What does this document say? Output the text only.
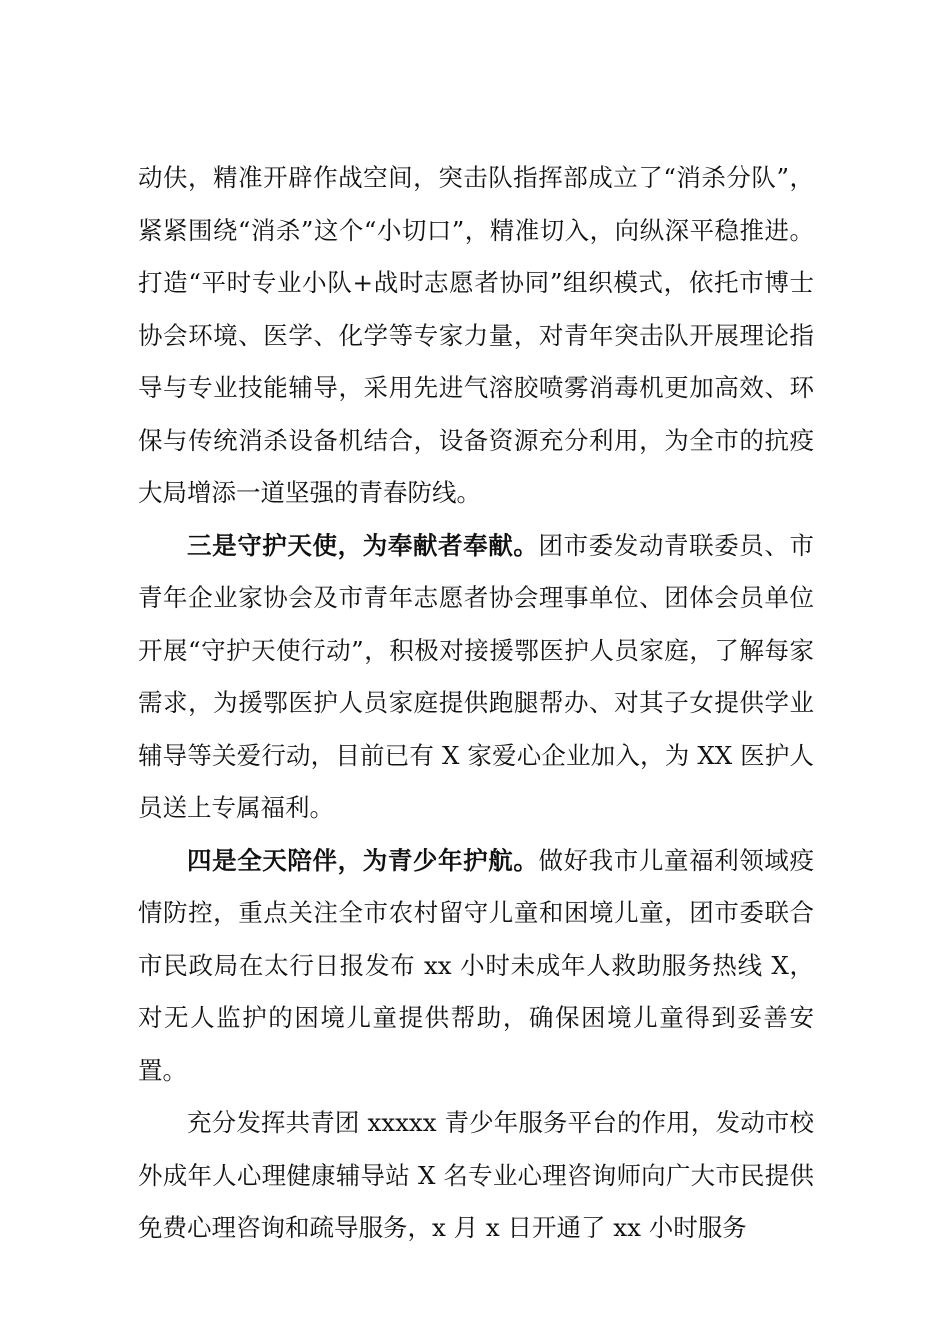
动伕，精准开辟作战空间，突击队指挥部成立了“消杀分队”，紧紧围绕“消杀”这个“小切口”，精准切入，向纵深平稳推进。打造“平时专业小队+战时志愿者协同”组织模式，依托市博士协会环境、医学、化学等专家力量，对青年突击队开展理论指导与专业技能辅导，采用先进气溶胶喷雾消毒机更加高效、环保与传统消杀设备机结合，设备资源充分利用，为全市的抗疫大局增添一道坚强的青春防线。

三是守护天使，为奉献者奉献。团市委发动青联委员、市青年企业家协会及市青年志愿者协会理事单位、团体会员单位开展“守护天使行动”，积极对接援鄂医护人员家庭，了解每家需求，为援鄂医护人员家庭提供跑腿帮办、对其子女提供学业辅导等关爱行动，目前已有 X 家爱心企业加入，为 XX 医护人员送上专属福利。

四是全天陪伴，为青少年护航。做好我市儿童福利领域疫情防控，重点关注全市农村留守儿童和困境儿童，团市委联合市民政局在太行日报发布 xx 小时未成年人救助服务热线 X，对无人监护的困境儿童提供帮助，确保困境儿童得到妥善安置。

充分发挥共青团 xxxxx 青少年服务平台的作用，发动市校外成年人心理健康辅导站 X 名专业心理咨询师向广大市民提供免费心理咨询和疏导服务，x 月 x 日开通了 xx 小时服务
